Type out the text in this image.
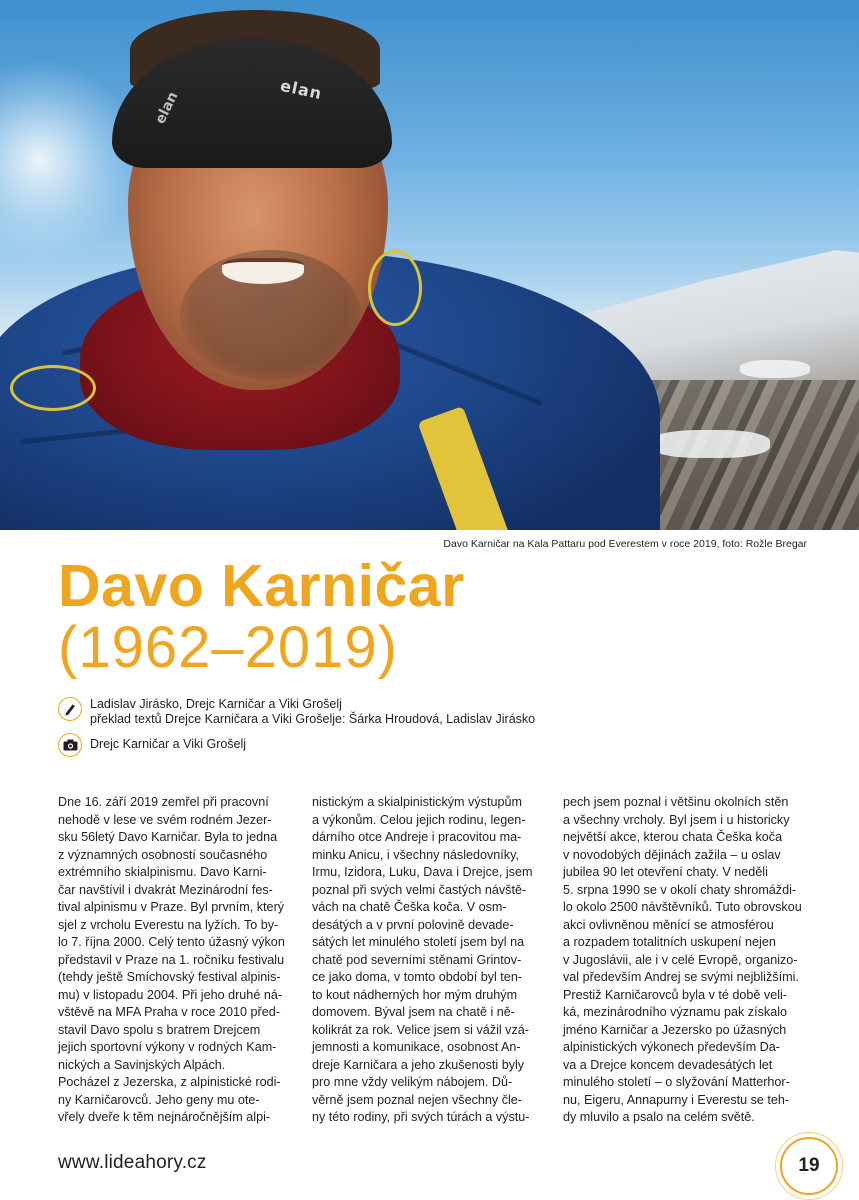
elan
elan
Davo Karničar na Kala Pattaru pod Everestem v roce 2019, foto: Rožle Bregar
Davo Karničar
(1962–2019)
Ladislav Jirásko, Drejc Karničar a Viki Grošelj
překlad textů Drejce Karničara a Viki Grošelje: Šárka Hroudová, Ladislav Jirásko
Drejc Karničar a Viki Grošelj
Dne 16. září 2019 zemřel při pracovní
nehodě v lese ve svém rodném Jezer-
sku 56letý Davo Karničar. Byla to jedna
z významných osobností současného
extrémního skialpinismu. Davo Karni-
čar navštívil i dvakrát Mezinárodní fes-
tival alpinismu v Praze. Byl prvním, který
sjel z vrcholu Everestu na lyžích. To by-
lo 7. října 2000. Celý tento úžasný výkon
představil v Praze na 1. ročníku festivalu
(tehdy ještě Smíchovský festival alpinis-
mu) v listopadu 2004. Při jeho druhé ná-
vštěvě na MFA Praha v roce 2010 před-
stavil Davo spolu s bratrem Drejcem
jejich sportovní výkony v rodných Kam-
nických a Savinjských Alpách.
Pocházel z Jezerska, z alpinistické rodi-
ny Karničarovců. Jeho geny mu ote-
vřely dveře k těm nejnáročnějším alpi-
nistickým a skialpinistickým výstupům
a výkonům. Celou jejich rodinu, legen-
dárního otce Andreje i pracovitou ma-
minku Anicu, i všechny následovníky,
Irmu, Izidora, Luku, Dava i Drejce, jsem
poznal při svých velmi častých návště-
vách na chatě Češka koča. V osm-
desátých a v první polovině devade-
sátých let minulého století jsem byl na
chatě pod severními stěnami Grintov-
ce jako doma, v tomto období byl ten-
to kout nádherných hor mým druhým
domovem. Býval jsem na chatě i ně-
kolikrát za rok. Velice jsem si vážil vzá-
jemnosti a komunikace, osobnost An-
dreje Karničara a jeho zkušenosti byly
pro mne vždy velikým nábojem. Dů-
věrně jsem poznal nejen všechny čle-
ny této rodiny, při svých túrách a výstu-
pech jsem poznal i většinu okolních stěn
a všechny vrcholy. Byl jsem i u historicky
největší akce, kterou chata Češka koča
v novodobých dějinách zažila – u oslav
jubilea 90 let otevření chaty. V neděli
5. srpna 1990 se v okolí chaty shromáždi-
lo okolo 2500 návštěvníků. Tuto obrovskou
akci ovlivněnou měnící se atmosférou
a rozpadem totalitních uskupení nejen
v Jugoslávii, ale i v celé Evropě, organizo-
val především Andrej se svými nejbližšími.
Prestiž Karničarovců byla v té době veli-
ká, mezinárodního významu pak získalo
jméno Karničar a Jezersko po úžasných
alpinistických výkonech především Da-
va a Drejce koncem devadesátých let
minulého století – o slyžování Matterhor-
nu, Eigeru, Annapurny i Everestu se teh-
dy mluvilo a psalo na celém světě.
www.lideahory.cz	19
